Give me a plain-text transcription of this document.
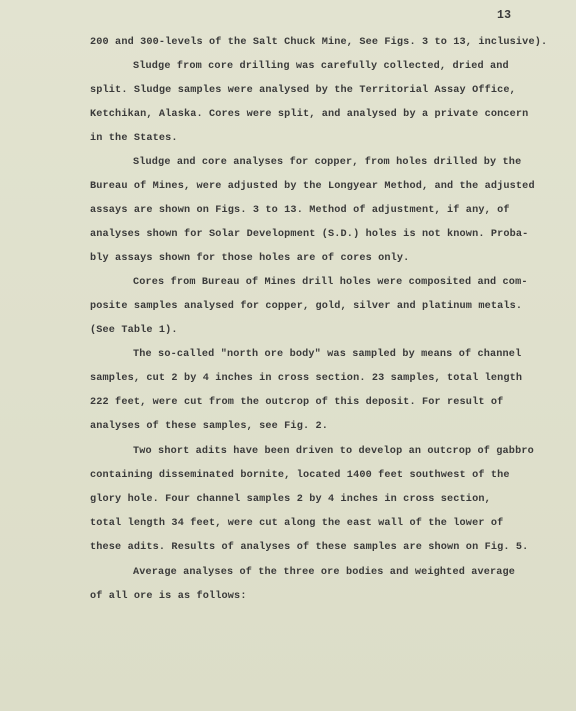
13
200 and 300-levels of the Salt Chuck Mine, See Figs. 3 to 13, inclusive).
Sludge from core drilling was carefully collected, dried and
split. Sludge samples were analysed by the Territorial Assay Office,
Ketchikan, Alaska. Cores were split, and analysed by a private concern
in the States.
Sludge and core analyses for copper, from holes drilled by the
Bureau of Mines, were adjusted by the Longyear Method, and the adjusted
assays are shown on Figs. 3 to 13. Method of adjustment, if any, of
analyses shown for Solar Development (S.D.) holes is not known. Proba-
bly assays shown for those holes are of cores only.
Cores from Bureau of Mines drill holes were composited and com-
posite samples analysed for copper, gold, silver and platinum metals.
(See Table 1).
The so-called "north ore body" was sampled by means of channel
samples, cut 2 by 4 inches in cross section. 23 samples, total length
222 feet, were cut from the outcrop of this deposit. For result of
analyses of these samples, see Fig. 2.
Two short adits have been driven to develop an outcrop of gabbro
containing disseminated bornite, located 1400 feet southwest of the
glory hole. Four channel samples 2 by 4 inches in cross section,
total length 34 feet, were cut along the east wall of the lower of
these adits. Results of analyses of these samples are shown on Fig. 5.
Average analyses of the three ore bodies and weighted average
of all ore is as follows:
